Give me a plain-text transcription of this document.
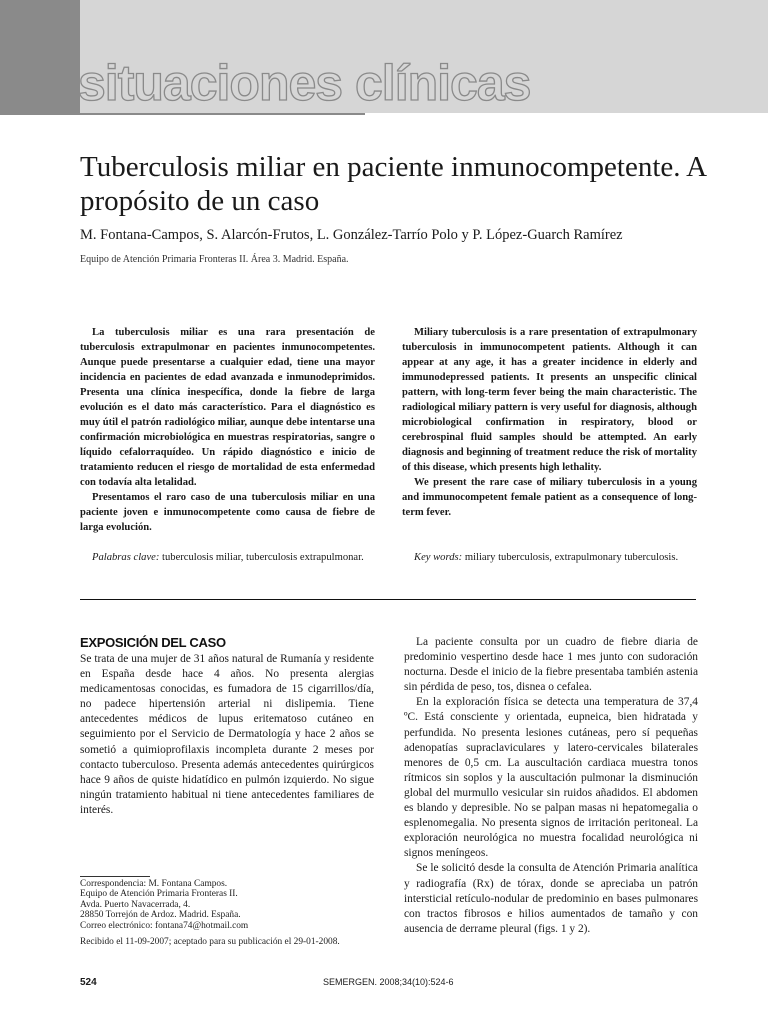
situaciones clínicas
Tuberculosis miliar en paciente inmunocompetente. A propósito de un caso

M. Fontana-Campos, S. Alarcón-Frutos, L. González-Tarrío Polo y P. López-Guarch Ramírez

Equipo de Atención Primaria Fronteras II. Área 3. Madrid. España.

La tuberculosis miliar es una rara presentación de tuberculosis extrapulmonar en pacientes inmunocompetentes. Aunque puede presentarse a cualquier edad, tiene una mayor incidencia en pacientes de edad avanzada e inmunodeprimidos. Presenta una clínica inespecífica, donde la fiebre de larga evolución es el dato más característico. Para el diagnóstico es muy útil el patrón radiológico miliar, aunque debe intentarse una confirmación microbiológica en muestras respiratorias, sangre o líquido cefalorraquídeo. Un rápido diagnóstico e inicio de tratamiento reducen el riesgo de mortalidad de esta enfermedad con todavía alta letalidad.

Presentamos el raro caso de una tuberculosis miliar en una paciente joven e inmunocompetente como causa de fiebre de larga evolución.

Palabras clave: tuberculosis miliar, tuberculosis extrapulmonar.

Miliary tuberculosis is a rare presentation of extrapulmonary tuberculosis in immunocompetent patients. Although it can appear at any age, it has a greater incidence in elderly and immunodepressed patients. It presents an unspecific clinical pattern, with long-term fever being the main characteristic. The radiological miliary pattern is very useful for diagnosis, although microbiological confirmation in respiratory, blood or cerebrospinal fluid samples should be attempted. An early diagnosis and beginning of treatment reduce the risk of mortality of this disease, which presents high lethality.

We present the rare case of miliary tuberculosis in a young and immunocompetent female patient as a consequence of long-term fever.

Key words: miliary tuberculosis, extrapulmonary tuberculosis.

EXPOSICIÓN DEL CASO

Se trata de una mujer de 31 años natural de Rumanía y residente en España desde hace 4 años. No presenta alergias medicamentosas conocidas, es fumadora de 15 cigarrillos/día, no padece hipertensión arterial ni dislipemia. Tiene antecedentes médicos de lupus eritematoso cutáneo en seguimiento por el Servicio de Dermatología y hace 2 años se sometió a quimioprofilaxis incompleta durante 2 meses por contacto tuberculoso. Presenta además antecedentes quirúrgicos hace 9 años de quiste hidatídico en pulmón izquierdo. No sigue ningún tratamiento habitual ni tiene antecedentes familiares de interés.

La paciente consulta por un cuadro de fiebre diaria de predominio vespertino desde hace 1 mes junto con sudoración nocturna. Desde el inicio de la fiebre presentaba también astenia sin pérdida de peso, tos, disnea o cefalea.

En la exploración física se detecta una temperatura de 37,4 ºC. Está consciente y orientada, eupneica, bien hidratada y perfundida. No presenta lesiones cutáneas, pero sí pequeñas adenopatías supraclaviculares y latero-cervicales bilaterales menores de 0,5 cm. La auscultación cardiaca muestra tonos rítmicos sin soplos y la auscultación pulmonar la disminución global del murmullo vesicular sin ruidos añadidos. El abdomen es blando y depresible. No se palpan masas ni hepatomegalia o esplenomegalia. No presenta signos de irritación peritoneal. La exploración neurológica no muestra focalidad neurológica ni signos meníngeos.

Se le solicitó desde la consulta de Atención Primaria analítica y radiografía (Rx) de tórax, donde se apreciaba un patrón intersticial retículo-nodular de predominio en bases pulmonares con tractos fibrosos e hilios aumentados de tamaño y con ausencia de derrame pleural (figs. 1 y 2).

Correspondencia: M. Fontana Campos.
Equipo de Atención Primaria Fronteras II.
Avda. Puerto Navacerrada, 4.
28850 Torrejón de Ardoz. Madrid. España.
Correo electrónico: fontana74@hotmail.com
Recibido el 11-09-2007; aceptado para su publicación el 29-01-2008.
524	SEMERGEN. 2008;34(10):524-6
